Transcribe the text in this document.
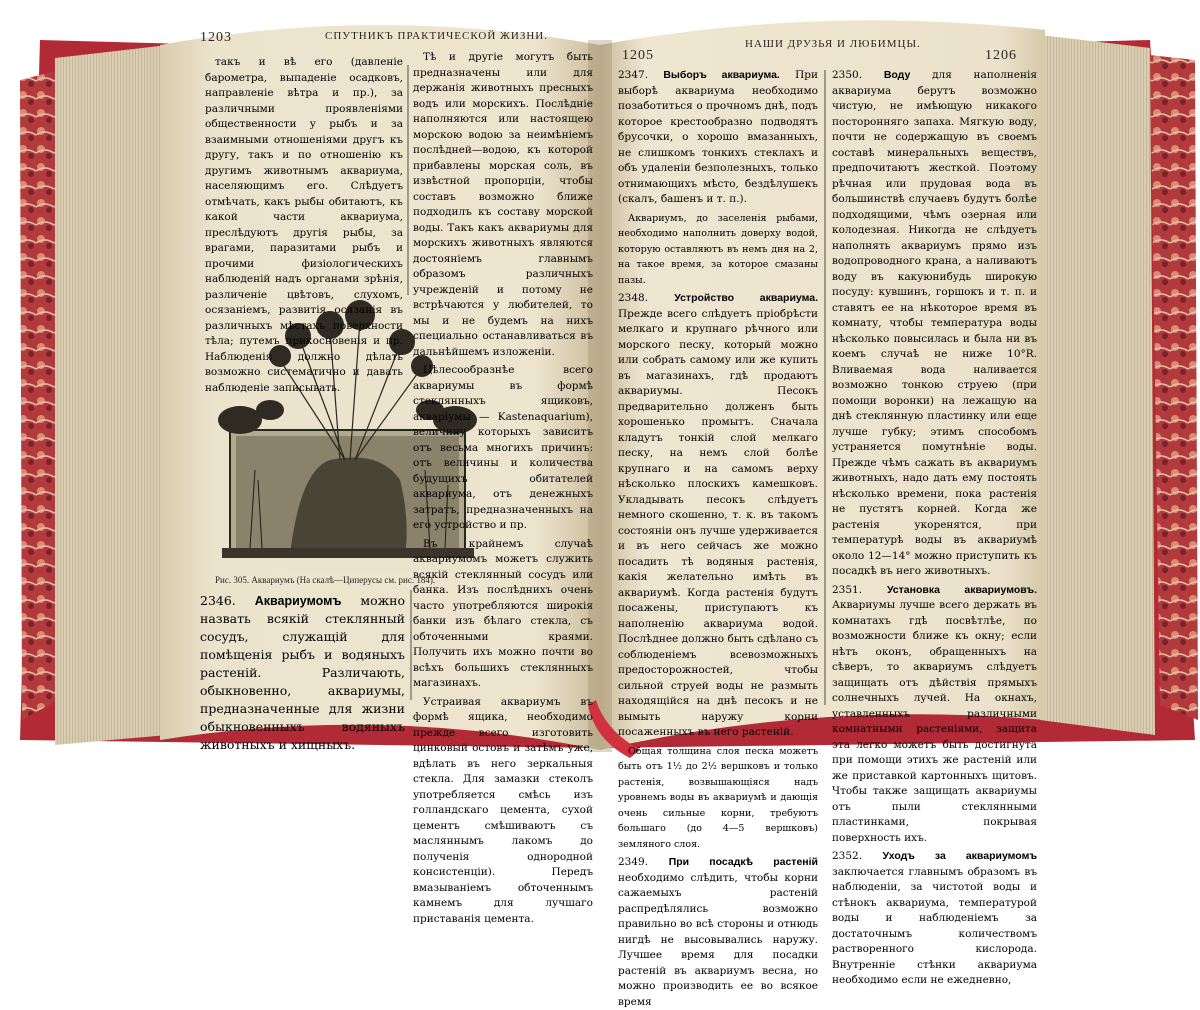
1203	СПУТНИКЪ ПРАКТИЧЕСКОЙ ЖИЗНИ.

такъ и вѣ его (давленіе барометра, выпаденіе осадковъ, направленіе вѣтра и пр.), за различными проявленіями общественности у рыбъ и за взаимными отношеніями другъ къ другу, такъ и по отношенію къ другимъ животнымъ аквариума, населяющимъ его. Слѣдуетъ отмѣчать, какъ рыбы обитаютъ, къ какой части аквариума, преслѣдуютъ другія рыбы, за врагами, паразитами рыбъ и прочими физіологическихъ наблюденій надъ органами зрѣнія, различеніе цвѣтовъ, слухомъ, осязаніемъ, развитія осязанія въ различныхъ мѣстахъ поверхности тѣла; путемъ прикосновенія и пр. Наблюденія должно дѣлать возможно систематично и давать наблюденіе записывать.

Тѣ и другіе могутъ быть предназначены или для держанія животныхъ пресныхъ водъ или морскихъ. Послѣдніе наполняются или настоящею морскою водою за неимѣніемъ послѣдней—водою, къ которой прибавлены морская соль, въ извѣстной пропорціи, чтобы составъ возможно ближе подходилъ къ составу морской воды. Такъ какъ аквариумы для морскихъ животныхъ являются достояніемъ главнымъ образомъ различныхъ учрежденій и потому не встрѣчаются у любителей, то мы и не будемъ на нихъ специально останавливаться въ дальнѣйшемъ изложеніи.

Цѣлесообразнѣе всего аквариумы въ формѣ стеклянныхъ ящиковъ, акваріумы — Kastenaquarium), величину которыхъ зависитъ отъ весьма многихъ причинъ: отъ величины и количества будущихъ обитателей аквариума, отъ денежныхъ затратъ, предназначенныхъ на его устройство и пр.

Въ крайнемъ случаѣ аквариумомъ можетъ служить всякій стеклянный сосудъ или банка. Изъ послѣднихъ очень часто употребляются широкія банки изъ бѣлаго стекла, съ обточенными краями. Получить ихъ можно почти во всѣхъ большихъ стеклянныхъ магазинахъ.

Устраивая аквариумъ въ формѣ ящика, необходимо прежде всего изготовить цинковый остовъ и затѣмъ уже, вдѣлать въ него зеркальныя стекла. Для замазки стеколъ употребляется смѣсь изъ голландскаго цемента, сухой цементъ смѣшиваютъ съ масляннымъ лакомъ до полученія однородной консистенціи). Передъ вмазываніемъ обточеннымъ камнемъ для лучшаго приставанія цемента.

Рис. 305. Аквариумъ (На скалѣ—Циперусы см. рис. 184).

2346. Аквариумомъ можно назвать всякій стеклянный сосудъ, служащій для помѣщенія рыбъ и водяныхъ растеній. Различають, обыкновенно, аквариумы, предназначенные для жизни обыкновенныхъ водяныхъ животныхъ и хищныхъ.

1205
НАШИ ДРУЗЬЯ И ЛЮБИМЦЫ.
1206

2347. Выборъ аквариума. При выборѣ аквариума необходимо позаботиться о прочномъ днѣ, подъ которое крестообразно подводятъ брусочки, о хорошо вмазанныхъ, не слишкомъ тонкихъ стеклахъ и объ удаленіи безполезныхъ, только отнимающихъ мѣсто, бездѣлушекъ (скалъ, башенъ и т. п.).

Аквариумъ, до заселенія рыбами, необходимо наполнить доверху водой, которую оставляютъ въ немъ дня на 2, на такое время, за которое смазаны пазы.

2348. Устройство аквариума. Прежде всего слѣдуетъ пріобрѣсти мелкаго и крупнаго рѣчного или морского песку, который можно или собрать самому или же купить въ магазинахъ, гдѣ продаютъ аквариумы. Песокъ предварительно долженъ быть хорошенько промытъ. Сначала кладутъ тонкій слой мелкаго песку, на немъ слой болѣе крупнаго и на самомъ верху нѣсколько плоскихъ камешковъ. Укладывать песокъ слѣдуетъ немного скошенно, т. к. въ такомъ состояніи онъ лучше удерживается и въ него сейчасъ же можно посадить тѣ водяныя растенія, какія желательно имѣть въ аквариумѣ. Когда растенія будутъ посажены, приступаютъ къ наполненію аквариума водой. Послѣднее должно быть сдѣлано съ соблюденіемъ всевозможныхъ предосторожностей, чтобы сильной струей воды не размыть находящійся на днѣ песокъ и не вымыть наружу корни посаженныхъ въ него растеній.

Общая толщина слоя песка можетъ быть отъ 1½ до 2½ вершковъ и только растенія, возвышающіяся надъ уровнемъ воды въ аквариумѣ и дающія очень сильные корни, требуютъ большаго (до 4—5 вершковъ) земляного слоя.

2349. При посадкѣ растеній необходимо слѣдить, чтобы корни сажаемыхъ растеній распредѣлялись возможно правильно во всѣ стороны и отнюдь нигдѣ не высовывались наружу. Лучшее время для посадки растеній въ аквариумъ весна, но можно производить ее во всякое время

2350. Воду для наполненія аквариума берутъ возможно чистую, не имѣющую никакого посторонняго запаха. Мягкую воду, почти не содержащую въ своемъ составѣ минеральныхъ веществъ, предпочитаютъ жесткой. Поэтому рѣчная или прудовая вода въ большинствѣ случаевъ будутъ болѣе подходящими, чѣмъ озерная или колодезная. Никогда не слѣдуетъ наполнять аквариумъ прямо изъ водопроводного крана, а наливаютъ воду въ какуюнибудь широкую посуду: кувшинъ, горшокъ и т. п. и ставятъ ее на нѣкоторое время въ комнату, чтобы температура воды нѣсколько повысилась и была ни въ коемъ случаѣ не ниже 10°R. Вливаемая вода наливается возможно тонкою струею (при помощи воронки) на лежащую на днѣ стеклянную пластинку или еще лучше губку; этимъ способомъ устраняется помутнѣніе воды. Прежде чѣмъ сажать въ аквариумъ животныхъ, надо дать ему постоять нѣсколько времени, пока растенія не пустятъ корней. Когда же растенія укоренятся, при температурѣ воды въ аквариумѣ около 12—14° можно приступить къ посадкѣ въ него животныхъ.

2351. Установка аквариумовъ. Аквариумы лучше всего держать въ комнатахъ гдѣ посвѣтлѣе, по возможности ближе къ окну; если нѣтъ оконъ, обращенныхъ на сѣверъ, то аквариумъ слѣдуетъ защищать отъ дѣйствія прямыхъ солнечныхъ лучей. На окнахъ, уставленныхъ различными комнатными растеніями, защита эта легко можетъ быть достигнута при помощи этихъ же растеній или же приставкой картонныхъ щитовъ. Чтобы также защищать аквариумы отъ пыли стеклянными пластинками, покрывая поверхность ихъ.

2352. Уходъ за аквариумомъ заключается главнымъ образомъ въ наблюденіи, за чистотой воды и стѣнокъ аквариума, температурой воды и наблюденіемъ за достаточнымъ количествомъ растворенного кислорода. Внутренніе стѣнки аквариума необходимо если не ежедневно,
